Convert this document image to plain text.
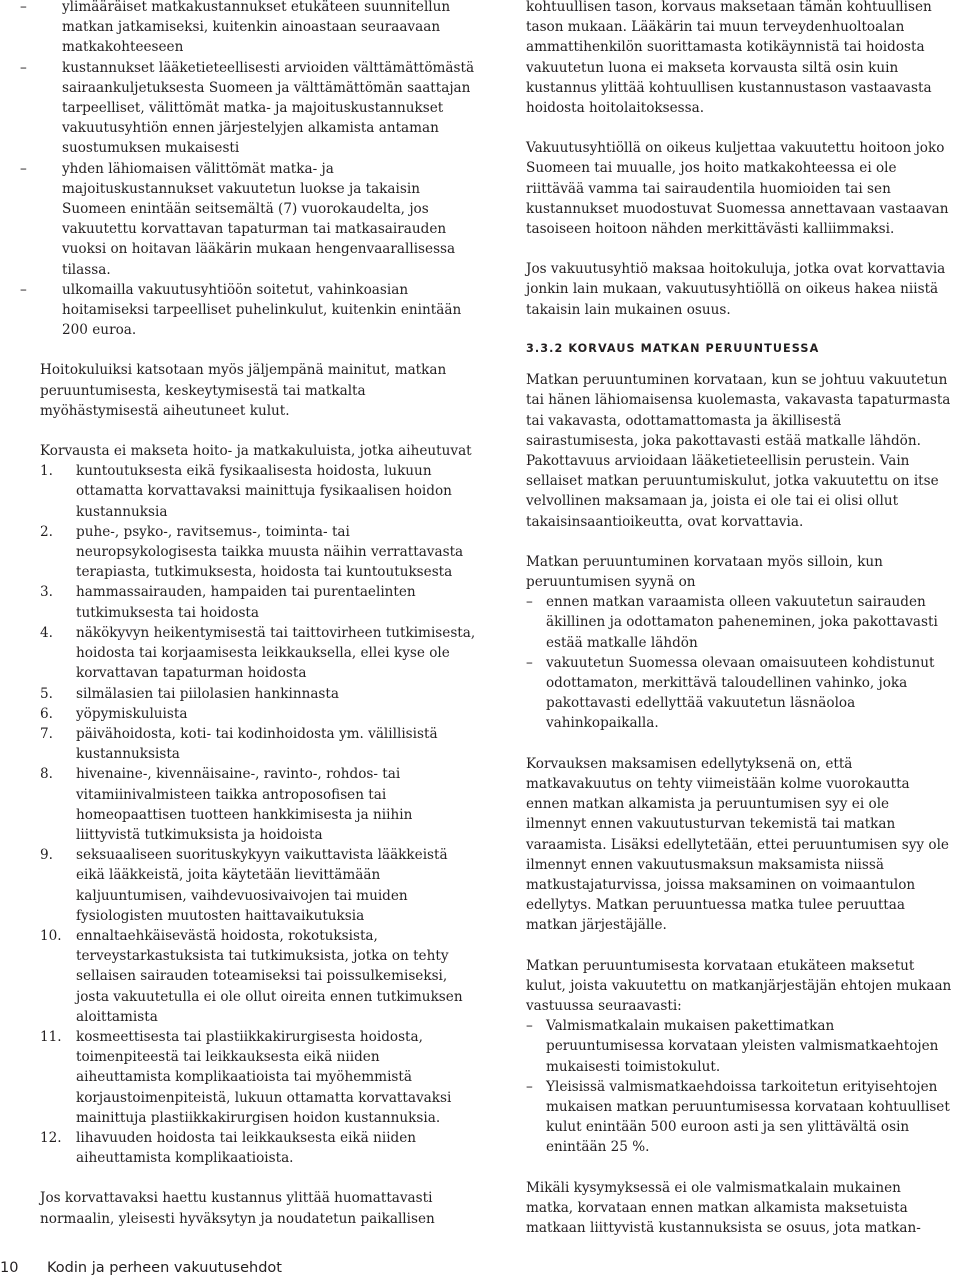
– ylimääräiset matkakustannukset etukäteen suunnitellun matkan jatkamiseksi, kuitenkin ainoastaan seuraavaan matkakohteeseen
– kustannukset lääketieteellisesti arvioiden välttämättömästä sairaankuljetuksesta Suomeen ja välttämättömän saattajan tarpeelliset, välittömät matka- ja majoituskustannukset vakuutusyhtiön ennen järjestelyjen alkamista antaman suostumuksen mukaisesti
– yhden lähiomaisen välittömät matka- ja majoituskustannukset vakuutetun luokse ja takaisin Suomeen enintään seitsemältä (7) vuorokaudelta, jos vakuutettu korvattavan tapaturman tai matkasairauden vuoksi on hoitavan lääkärin mukaan hengenvaarallisessa tilassa.
– ulkomailla vakuutusyhtiöön soitetut, vahinkoasian hoitamiseksi tarpeelliset puhelinkulut, kuitenkin enintään 200 euroa.

Hoitokuluiksi katsotaan myös jäljempänä mainitut, matkan peruuntumisesta, keskeytymisestä tai matkalta myöhästymisestä aiheutuneet kulut.

Korvausta ei makseta hoito- ja matkakuluista, jotka aiheutuvat

1. kuntoutuksesta eikä fysikaalisesta hoidosta, lukuun ottamatta korvattavaksi mainittuja fysikaalisen hoidon kustannuksia
2. puhe-, psyko-, ravitsemus-, toiminta- tai neuropsykologisesta taikka muusta näihin verrattavasta terapiasta, tutkimuksesta, hoidosta tai kuntoutuksesta
3. hammassairauden, hampaiden tai purentaelinten tutkimuksesta tai hoidosta
4. näkökyvyn heikentymisestä tai taittovirheen tutkimisesta, hoidosta tai korjaamisesta leikkauksella, ellei kyse ole korvattavan tapaturman hoidosta
5. silmälasien tai piilolasien hankinnasta
6. yöpymiskuluista
7. päivähoidosta, koti- tai kodinhoidosta ym. välillisistä kustannuksista
8. hivenaine-, kivennäisaine-, ravinto-, rohdos- tai vitamiinivalmisteen taikka antroposofisen tai homeopaattisen tuotteen hankkimisesta ja niihin liittyvistä tutkimuksista ja hoidoista
9. seksuaaliseen suorituskykyyn vaikuttavista lääkkeistä eikä lääkkeistä, joita käytetään lievittämään kaljuuntumisen, vaihdevuosivaivojen tai muiden fysiologisten muutosten haittavaikutuksia
10. ennaltaehkäisevästä hoidosta, rokotuksista, terveystarkastuksista tai tutkimuksista, jotka on tehty sellaisen sairauden toteamiseksi tai poissulkemiseksi, josta vakuutetulla ei ole ollut oireita ennen tutkimuksen aloittamista
11. kosmeettisesta tai plastiikkakirurgisesta hoidosta, toimenpiteestä tai leikkauksesta eikä niiden aiheuttamista komplikaatioista tai myöhemmistä korjaustoimenpiteistä, lukuun ottamatta korvattavaksi mainittuja plastiikkakirurgisen hoidon kustannuksia.
12. lihavuuden hoidosta tai leikkauksesta eikä niiden aiheuttamista komplikaatioista.

Jos korvattavaksi haettu kustannus ylittää huomattavasti normaalin, yleisesti hyväksytyn ja noudatetun paikallisen

kohtuullisen tason, korvaus maksetaan tämän kohtuullisen tason mukaan. Lääkärin tai muun terveydenhuoltoalan ammattihenkilön suorittamasta kotikäynnistä tai hoidosta vakuutetun luona ei makseta korvausta siltä osin kuin kustannus ylittää kohtuullisen kustannustason vastaavasta hoidosta hoitolaitoksessa.

Vakuutusyhtiöllä on oikeus kuljettaa vakuutettu hoitoon joko Suomeen tai muualle, jos hoito matkakohteessa ei ole riittävää vamma tai sairaudentila huomioiden tai sen kustannukset muodostuvat Suomessa annettavaan vastaavan tasoiseen hoitoon nähden merkittävästi kalliimmaksi.

Jos vakuutusyhtiö maksaa hoitokuluja, jotka ovat korvattavia jonkin lain mukaan, vakuutusyhtiöllä on oikeus hakea niistä takaisin lain mukainen osuus.

3.3.2 KORVAUS MATKAN PERUUNTUESSA

Matkan peruuntuminen korvataan, kun se johtuu vakuutetun tai hänen lähiomaisensa kuolemasta, vakavasta tapaturmasta tai vakavasta, odottamattomasta ja äkillisestä sairastumisesta, joka pakottavasti estää matkalle lähdön. Pakottavuus arvioidaan lääketieteellisin perustein. Vain sellaiset matkan peruuntumiskulut, jotka vakuutettu on itse velvollinen maksamaan ja, joista ei ole tai ei olisi ollut takaisinsaantioikeutta, ovat korvattavia.

Matkan peruuntuminen korvataan myös silloin, kun peruuntumisen syynä on

– ennen matkan varaamista olleen vakuutetun sairauden äkillinen ja odottamaton paheneminen, joka pakottavasti estää matkalle lähdön
– vakuutetun Suomessa olevaan omaisuuteen kohdistunut odottamaton, merkittävä taloudellinen vahinko, joka pakottavasti edellyttää vakuutetun läsnäoloa vahinkopaikalla.

Korvauksen maksamisen edellytyksenä on, että matkavakuutus on tehty viimeistään kolme vuorokautta ennen matkan alkamista ja peruuntumisen syy ei ole ilmennyt ennen vakuutusturvan tekemistä tai matkan varaamista. Lisäksi edellytetään, ettei peruuntumisen syy ole ilmennyt ennen vakuutusmaksun maksamista niissä matkustajaturvissa, joissa maksaminen on voimaantulon edellytys. Matkan peruuntuessa matka tulee peruuttaa matkan järjestäjälle.

Matkan peruuntumisesta korvataan etukäteen maksetut kulut, joista vakuutettu on matkanjärjestäjän ehtojen mukaan vastuussa seuraavasti:

– Valmismatkalain mukaisen pakettimatkan peruuntumisessa korvataan yleisten valmismatkaehtojen mukaisesti toimistokulut.
– Yleisissä valmismatkaehdoissa tarkoitetun erityisehtojen mukaisen matkan peruuntumisessa korvataan kohtuulliset kulut enintään 500 euroon asti ja sen ylittävältä osin enintään 25 %.

Mikäli kysymyksessä ei ole valmismatkalain mukainen matka, korvataan ennen matkan alkamista maksetuista matkaan liittyvistä kustannuksista se osuus, jota matkan-

10 Kodin ja perheen vakuutusehdot
